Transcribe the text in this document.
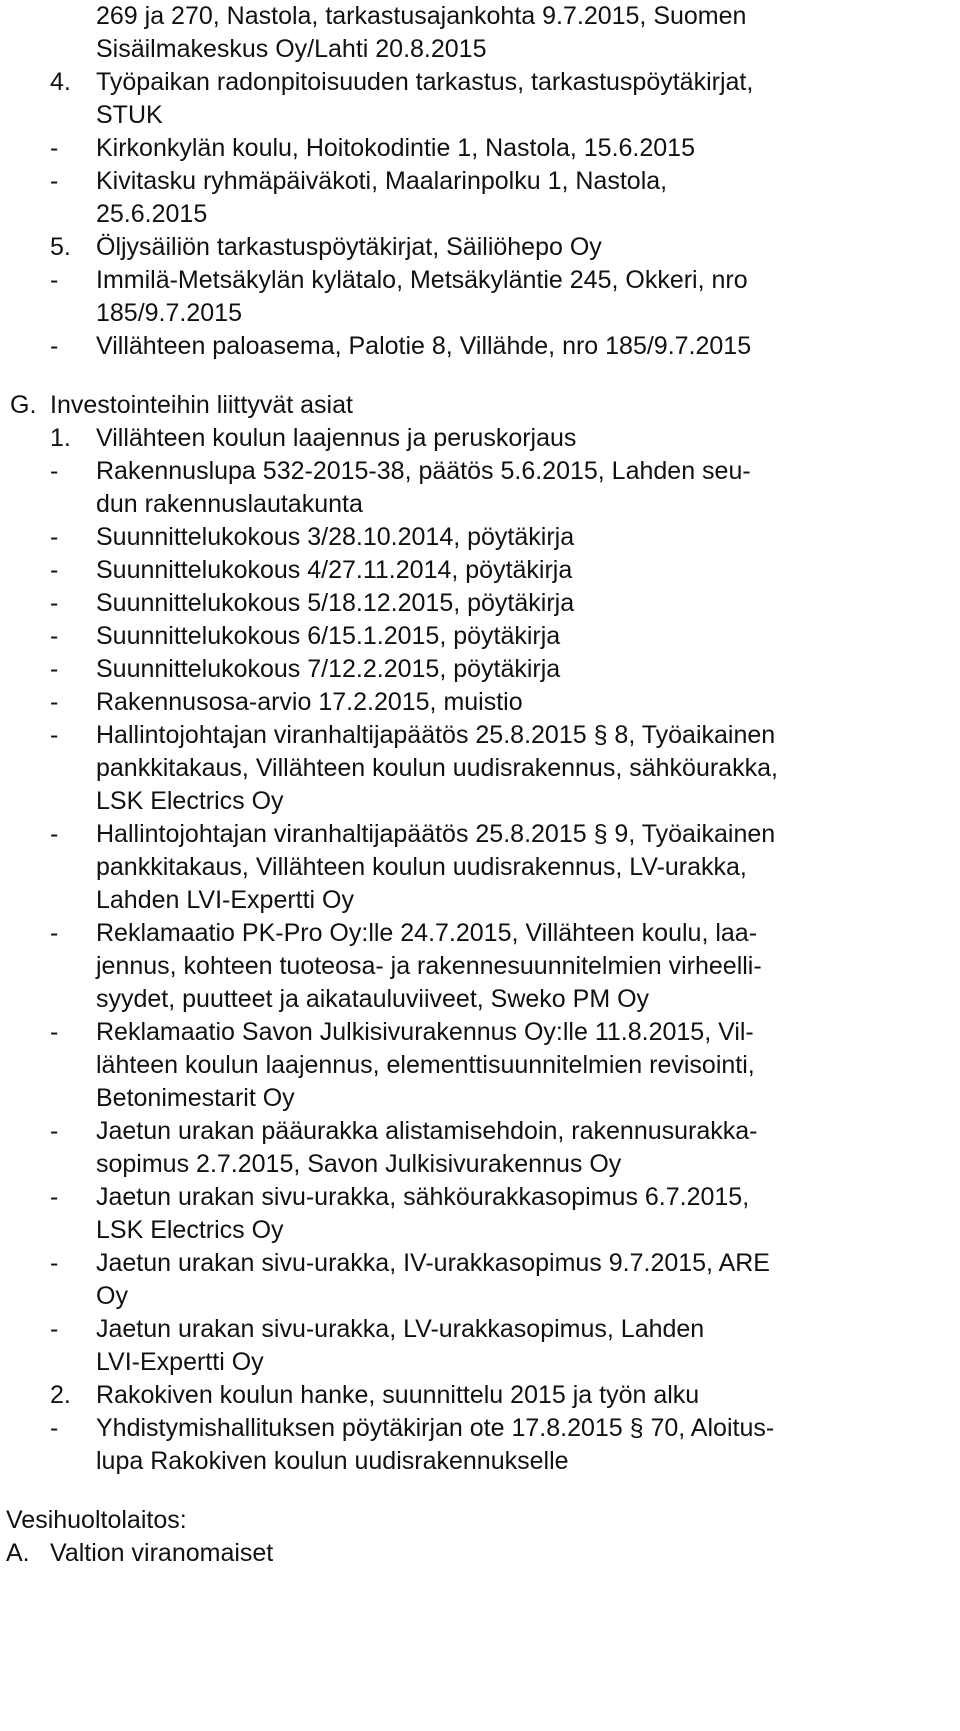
269 ja 270, Nastola, tarkastusajankohta 9.7.2015, Suomen
Sisäilmakeskus Oy/Lahti 20.8.2015
4. Työpaikan radonpitoisuuden tarkastus, tarkastuspöytäkirjat,
STUK
- Kirkonkylän koulu, Hoitokodintie 1, Nastola, 15.6.2015
- Kivitasku ryhmäpäiväkoti, Maalarinpolku 1, Nastola,
25.6.2015
5. Öljysäiliön tarkastuspöytäkirjat, Säiliöhepo Oy
- Immilä-Metsäkylän kylätalo, Metsäkyläntie 245, Okkeri, nro
185/9.7.2015
- Villähteen paloasema, Palotie 8, Villähde, nro 185/9.7.2015
G. Investointeihin liittyvät asiat
1. Villähteen koulun laajennus ja peruskorjaus
- Rakennuslupa 532-2015-38, päätös 5.6.2015, Lahden seu-
dun rakennuslautakunta
- Suunnittelukokous 3/28.10.2014, pöytäkirja
- Suunnittelukokous 4/27.11.2014, pöytäkirja
- Suunnittelukokous 5/18.12.2015, pöytäkirja
- Suunnittelukokous 6/15.1.2015, pöytäkirja
- Suunnittelukokous 7/12.2.2015, pöytäkirja
- Rakennusosa-arvio 17.2.2015, muistio
- Hallintojohtajan viranhaltijapäätös 25.8.2015 § 8, Työaikainen
pankkitakaus, Villähteen koulun uudisrakennus, sähköurakka,
LSK Electrics Oy
- Hallintojohtajan viranhaltijapäätös 25.8.2015 § 9, Työaikainen
pankkitakaus, Villähteen koulun uudisrakennus, LV-urakka,
Lahden LVI-Expertti Oy
- Reklamaatio PK-Pro Oy:lle 24.7.2015, Villähteen koulu, laa-
jennus, kohteen tuoteosa- ja rakennesuunnitelmien virheelli-
syydet, puutteet ja aikatauluviiveet, Sweko PM Oy
- Reklamaatio Savon Julkisivurakennus Oy:lle 11.8.2015, Vil-
lähteen koulun laajennus, elementtisuunnitelmien revisointi,
Betonimestarit Oy
- Jaetun urakan pääurakka alistamisehdoin, rakennusurakka-
sopimus 2.7.2015, Savon Julkisivurakennus Oy
- Jaetun urakan sivu-urakka, sähköurakkasopimus 6.7.2015,
LSK Electrics Oy
- Jaetun urakan sivu-urakka, IV-urakkasopimus 9.7.2015, ARE
Oy
- Jaetun urakan sivu-urakka, LV-urakkasopimus, Lahden
LVI-Expertti Oy
2. Rakokiven koulun hanke, suunnittelu 2015 ja työn alku
- Yhdistymishallituksen pöytäkirjan ote 17.8.2015 § 70, Aloitus-
lupa Rakokiven koulun uudisrakennukselle
Vesihuoltolaitos:
A. Valtion viranomaiset
